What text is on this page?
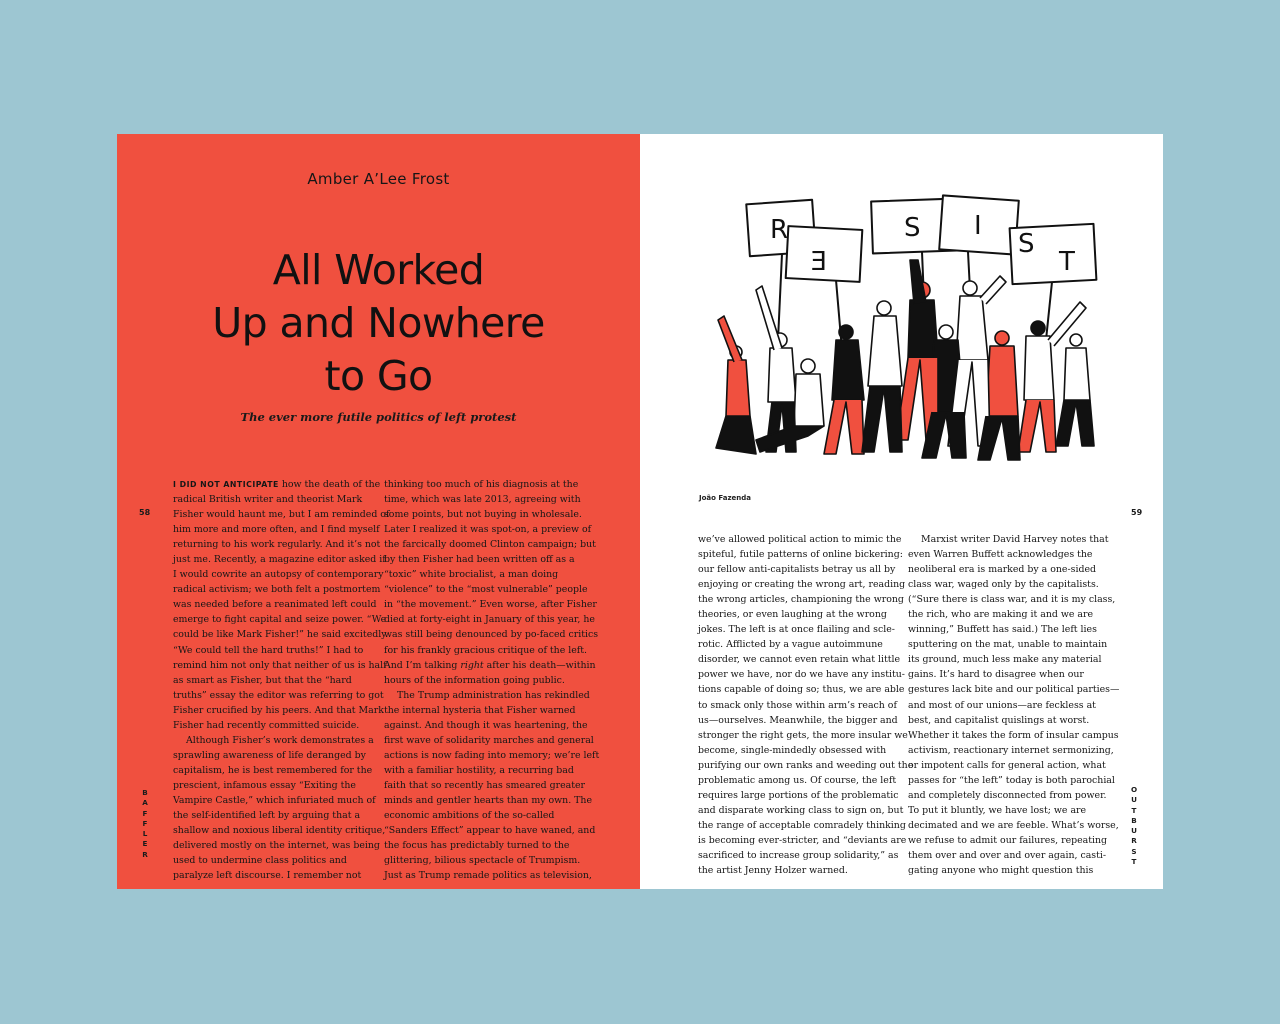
Amber A’Lee Frost
All Worked
Up and Nowhere
to Go
The ever more futile politics of left protest
58
B
A
F
F
L
E
R

I DID NOT ANTICIPATE how the death of the

radical British writer and theorist Mark

Fisher would haunt me, but I am reminded of

him more and more often, and I find myself

returning to his work regularly. And it’s not

just me. Recently, a magazine editor asked if

I would cowrite an autopsy of contemporary

radical activism; we both felt a postmortem

was needed before a reanimated left could

emerge to fight capital and seize power. “We

could be like Mark Fisher!” he said excitedly.

“We could tell the hard truths!” I had to

remind him not only that neither of us is half

as smart as Fisher, but that the “hard

truths” essay the editor was referring to got

Fisher crucified by his peers. And that Mark

Fisher had recently committed suicide.

Although Fisher’s work demonstrates a

sprawling awareness of life deranged by

capitalism, he is best remembered for the

prescient, infamous essay “Exiting the

Vampire Castle,” which infuriated much of

the self-identified left by arguing that a

shallow and noxious liberal identity critique,

delivered mostly on the internet, was being

used to undermine class politics and

paralyze left discourse. I remember not

thinking too much of his diagnosis at the

time, which was late 2013, agreeing with

some points, but not buying in wholesale.

Later I realized it was spot-on, a preview of

the farcically doomed Clinton campaign; but

by then Fisher had been written off as a

“toxic” white brocialist, a man doing

“violence” to the “most vulnerable” people

in “the movement.” Even worse, after Fisher

died at forty-eight in January of this year, he

was still being denounced by po-faced critics

for his frankly gracious critique of the left.

And I’m talking right after his death—within

hours of the information going public.

The Trump administration has rekindled

the internal hysteria that Fisher warned

against. And though it was heartening, the

first wave of solidarity marches and general

actions is now fading into memory; we’re left

with a familiar hostility, a recurring bad

faith that so recently has smeared greater

minds and gentler hearts than my own. The

economic ambitions of the so-called

“Sanders Effect” appear to have waned, and

the focus has predictably turned to the

glittering, bilious spectacle of Trumpism.

Just as Trump remade politics as television,

R
E
S I
S
T
João Fazenda
59
O
U
T
B
U
R
S
T

we’ve allowed political action to mimic the

spiteful, futile patterns of online bickering:

our fellow anti-capitalists betray us all by

enjoying or creating the wrong art, reading

the wrong articles, championing the wrong

theories, or even laughing at the wrong

jokes. The left is at once flailing and scle-

rotic. Afflicted by a vague autoimmune

disorder, we cannot even retain what little

power we have, nor do we have any institu-

tions capable of doing so; thus, we are able

to smack only those within arm’s reach of

us—ourselves. Meanwhile, the bigger and

stronger the right gets, the more insular we

become, single-mindedly obsessed with

purifying our own ranks and weeding out the

problematic among us. Of course, the left

requires large portions of the problematic

and disparate working class to sign on, but

the range of acceptable comradely thinking

is becoming ever-stricter, and “deviants are

sacrificed to increase group solidarity,” as

the artist Jenny Holzer warned.

Marxist writer David Harvey notes that

even Warren Buffett acknowledges the

neoliberal era is marked by a one-sided

class war, waged only by the capitalists.

(“Sure there is class war, and it is my class,

the rich, who are making it and we are

winning,” Buffett has said.) The left lies

sputtering on the mat, unable to maintain

its ground, much less make any material

gains. It’s hard to disagree when our

gestures lack bite and our political parties—

and most of our unions—are feckless at

best, and capitalist quislings at worst.

Whether it takes the form of insular campus

activism, reactionary internet sermonizing,

or impotent calls for general action, what

passes for “the left” today is both parochial

and completely disconnected from power.

To put it bluntly, we have lost; we are

decimated and we are feeble. What’s worse,

we refuse to admit our failures, repeating

them over and over and over again, casti-

gating anyone who might question this
